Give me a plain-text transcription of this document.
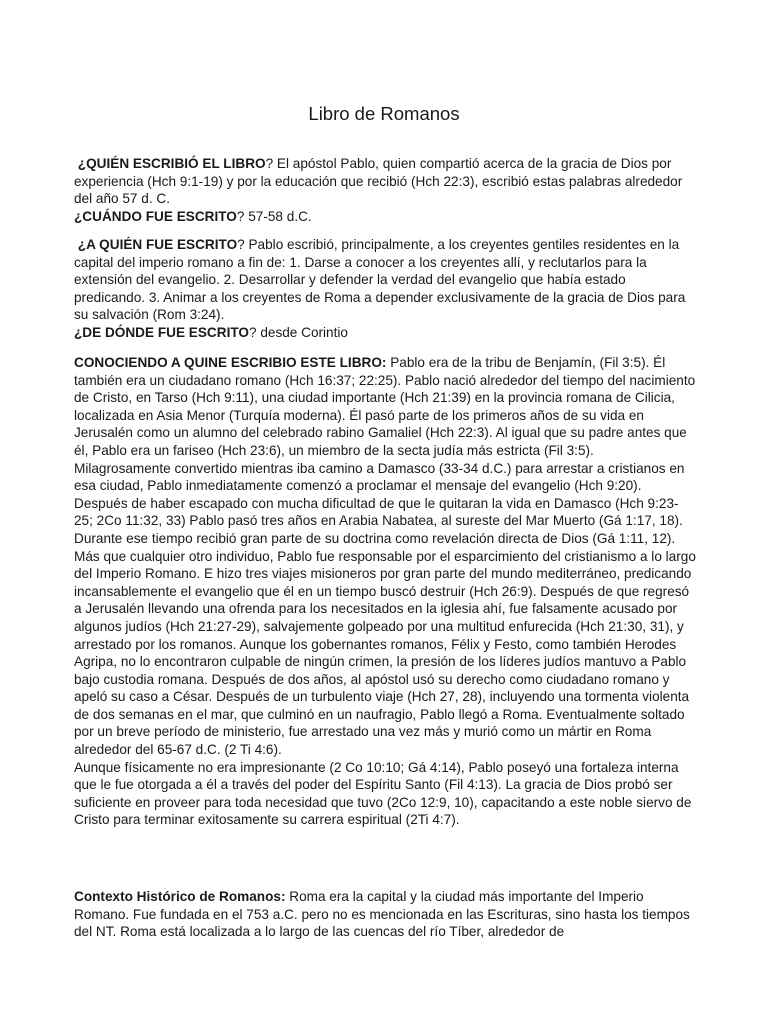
Libro de Romanos

¿QUIÉN ESCRIBIÓ EL LIBRO? El apóstol Pablo, quien compartió acerca de la gracia de Dios por experiencia (Hch 9:1-19) y por la educación que recibió (Hch 22:3), escribió estas palabras alrededor del año 57 d. C.

¿CUÁNDO FUE ESCRITO? 57-58 d.C.

¿A QUIÉN FUE ESCRITO? Pablo escribió, principalmente, a los creyentes gentiles residentes en la capital del imperio romano a fin de: 1. Darse a conocer a los creyentes allí, y reclutarlos para la extensión del evangelio. 2. Desarrollar y defender la verdad del evangelio que había estado predicando. 3. Animar a los creyentes de Roma a depender exclusivamente de la gracia de Dios para su salvación (Rom 3:24).

¿DE DÓNDE FUE ESCRITO? desde Corintio

CONOCIENDO A QUINE ESCRIBIO ESTE LIBRO: Pablo era de la tribu de Benjamín, (Fil 3:5). Él también era un ciudadano romano (Hch 16:37; 22:25). Pablo nació alrededor del tiempo del nacimiento de Cristo, en Tarso (Hch 9:11), una ciudad importante (Hch 21:39) en la provincia romana de Cilicia, localizada en Asia Menor (Turquía moderna). Él pasó parte de los primeros años de su vida en Jerusalén como un alumno del celebrado rabino Gamaliel (Hch 22:3). Al igual que su padre antes que él, Pablo era un fariseo (Hch 23:6), un miembro de la secta judía más estricta (Fil 3:5).

Milagrosamente convertido mientras iba camino a Damasco (33-34 d.C.) para arrestar a cristianos en esa ciudad, Pablo inmediatamente comenzó a proclamar el mensaje del evangelio (Hch 9:20). Después de haber escapado con mucha dificultad de que le quitaran la vida en Damasco (Hch 9:23-25; 2Co 11:32, 33) Pablo pasó tres años en Arabia Nabatea, al sureste del Mar Muerto (Gá 1:17, 18). Durante ese tiempo recibió gran parte de su doctrina como revelación directa de Dios (Gá 1:11, 12).

Más que cualquier otro individuo, Pablo fue responsable por el esparcimiento del cristianismo a lo largo del Imperio Romano. E hizo tres viajes misioneros por gran parte del mundo mediterráneo, predicando incansablemente el evangelio que él en un tiempo buscó destruir (Hch 26:9). Después de que regresó a Jerusalén llevando una ofrenda para los necesitados en la iglesia ahí, fue falsamente acusado por algunos judíos (Hch 21:27-29), salvajemente golpeado por una multitud enfurecida (Hch 21:30, 31), y arrestado por los romanos. Aunque los gobernantes romanos, Félix y Festo, como también Herodes Agripa, no lo encontraron culpable de ningún crimen, la presión de los líderes judíos mantuvo a Pablo bajo custodia romana. Después de dos años, al apóstol usó su derecho como ciudadano romano y apeló su caso a César. Después de un turbulento viaje (Hch 27, 28), incluyendo una tormenta violenta de dos semanas en el mar, que culminó en un naufragio, Pablo llegó a Roma. Eventualmente soltado por un breve período de ministerio, fue arrestado una vez más y murió como un mártir en Roma alrededor del 65-67 d.C. (2 Ti 4:6).

Aunque físicamente no era impresionante (2 Co 10:10; Gá 4:14), Pablo poseyó una fortaleza interna que le fue otorgada a él a través del poder del Espíritu Santo (Fil 4:13). La gracia de Dios probó ser suficiente en proveer para toda necesidad que tuvo (2Co 12:9, 10), capacitando a este noble siervo de Cristo para terminar exitosamente su carrera espiritual (2Ti 4:7).

Contexto Histórico de Romanos: Roma era la capital y la ciudad más importante del Imperio Romano. Fue fundada en el 753 a.C. pero no es mencionada en las Escrituras, sino hasta los tiempos del NT. Roma está localizada a lo largo de las cuencas del río Tíber, alrededor de
